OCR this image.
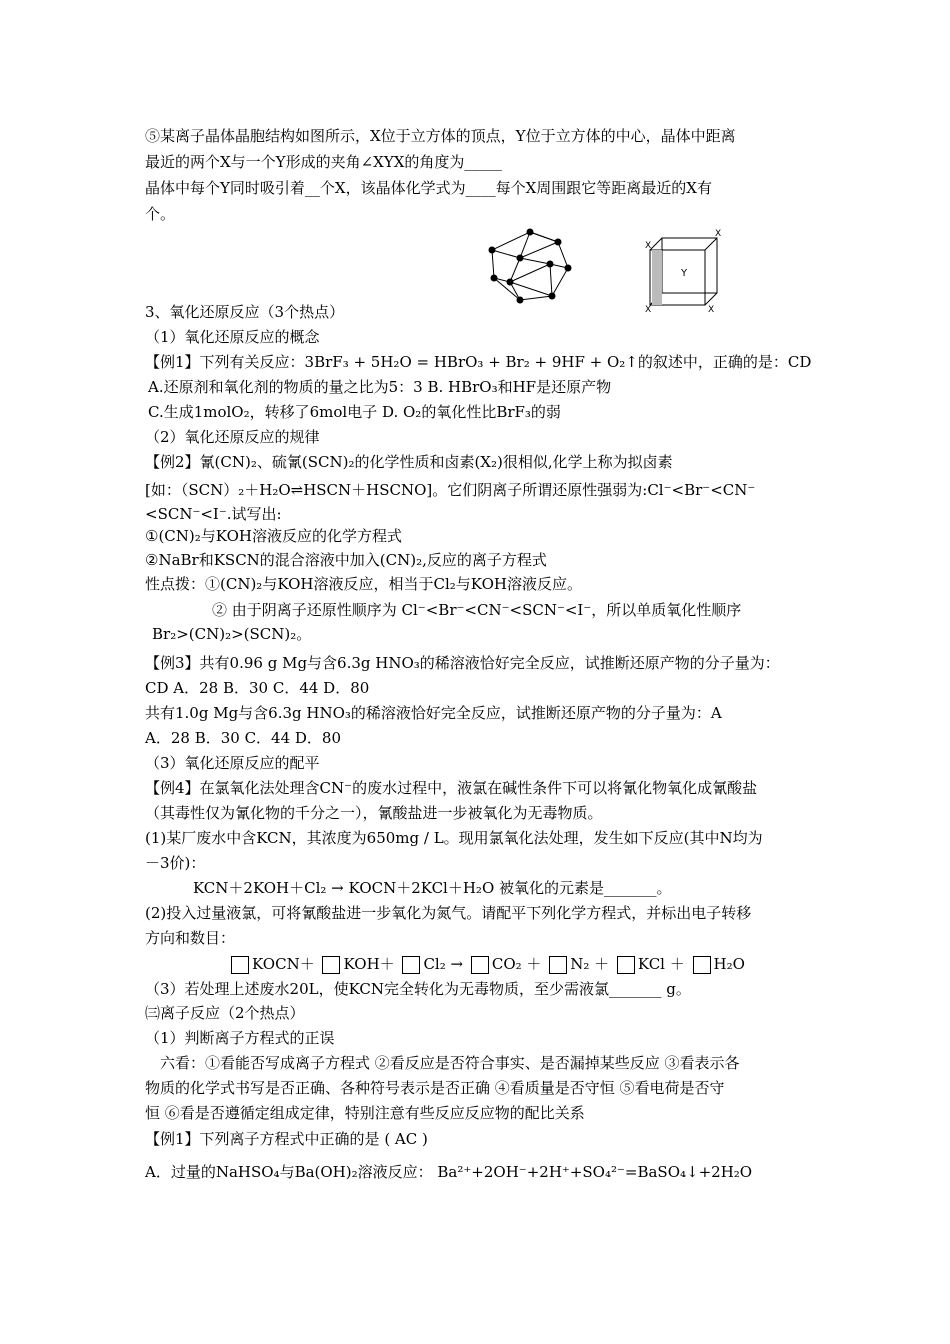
⑤某离子晶体晶胞结构如图所示，X位于立方体的顶点，Y位于立方体的中心，晶体中距离
最近的两个X与一个Y形成的夹角∠XYX的角度为_____
晶体中每个Y同时吸引着__个X，该晶体化学式为____每个X周围跟它等距离最近的X有
个。
Y
X
X
X	X
3、氧化还原反应（3个热点）
（1）氧化还原反应的概念
【例1】下列有关反应：3BrF₃ + 5H₂O = HBrO₃ + Br₂ + 9HF + O₂↑的叙述中，正确的是：CD
A.还原剂和氧化剂的物质的量之比为5：3 B. HBrO₃和HF是还原产物
C.生成1molO₂，转移了6mol电子 D. O₂的氧化性比BrF₃的弱
（2）氧化还原反应的规律
【例2】氰(CN)₂、硫氰(SCN)₂的化学性质和卤素(X₂)很相似,化学上称为拟卤素
[如：（SCN）₂＋H₂O⇌HSCN＋HSCNO]。它们阴离子所谓还原性强弱为:Cl⁻<Br⁻<CN⁻
<SCN⁻<I⁻.试写出:
①(CN)₂与KOH溶液反应的化学方程式
②NaBr和KSCN的混合溶液中加入(CN)₂,反应的离子方程式
性点拨：①(CN)₂与KOH溶液反应，相当于Cl₂与KOH溶液反应。
② 由于阴离子还原性顺序为 Cl⁻<Br⁻<CN⁻<SCN⁻<I⁻，所以单质氧化性顺序
Br₂>(CN)₂>(SCN)₂。
【例3】共有0.96 g Mg与含6.3g HNO₃的稀溶液恰好完全反应，试推断还原产物的分子量为：
CD A．28 B．30 C．44 D．80
共有1.0g Mg与含6.3g HNO₃的稀溶液恰好完全反应，试推断还原产物的分子量为：A
A．28 B．30 C．44 D．80
（3）氧化还原反应的配平
【例4】在氯氧化法处理含CN⁻的废水过程中，液氯在碱性条件下可以将氰化物氧化成氰酸盐
（其毒性仅为氰化物的千分之一），氰酸盐进一步被氧化为无毒物质。
(1)某厂废水中含KCN，其浓度为650mg / L。现用氯氧化法处理，发生如下反应(其中N均为
－3价)：
KCN＋2KOH＋Cl₂ → KOCN＋2KCl＋H₂O 被氧化的元素是_______。
(2)投入过量液氯，可将氰酸盐进一步氧化为氮气。请配平下列化学方程式，并标出电子转移
方向和数目：
KOCN＋ KOH＋ Cl₂ → CO₂ ＋ N₂ ＋ KCl ＋ H₂O
（3）若处理上述废水20L，使KCN完全转化为无毒物质，至少需液氯_______ g。
㈢离子反应（2个热点）
（1）判断离子方程式的正误
六看：①看能否写成离子方程式 ②看反应是否符合事实、是否漏掉某些反应 ③看表示各
物质的化学式书写是否正确、各种符号表示是否正确 ④看质量是否守恒 ⑤看电荷是否守
恒 ⑥看是否遵循定组成定律，特别注意有些反应反应物的配比关系
【例1】下列离子方程式中正确的是 ( AC )
A．过量的NaHSO₄与Ba(OH)₂溶液反应： Ba²⁺+2OH⁻+2H⁺+SO₄²⁻=BaSO₄↓+2H₂O
